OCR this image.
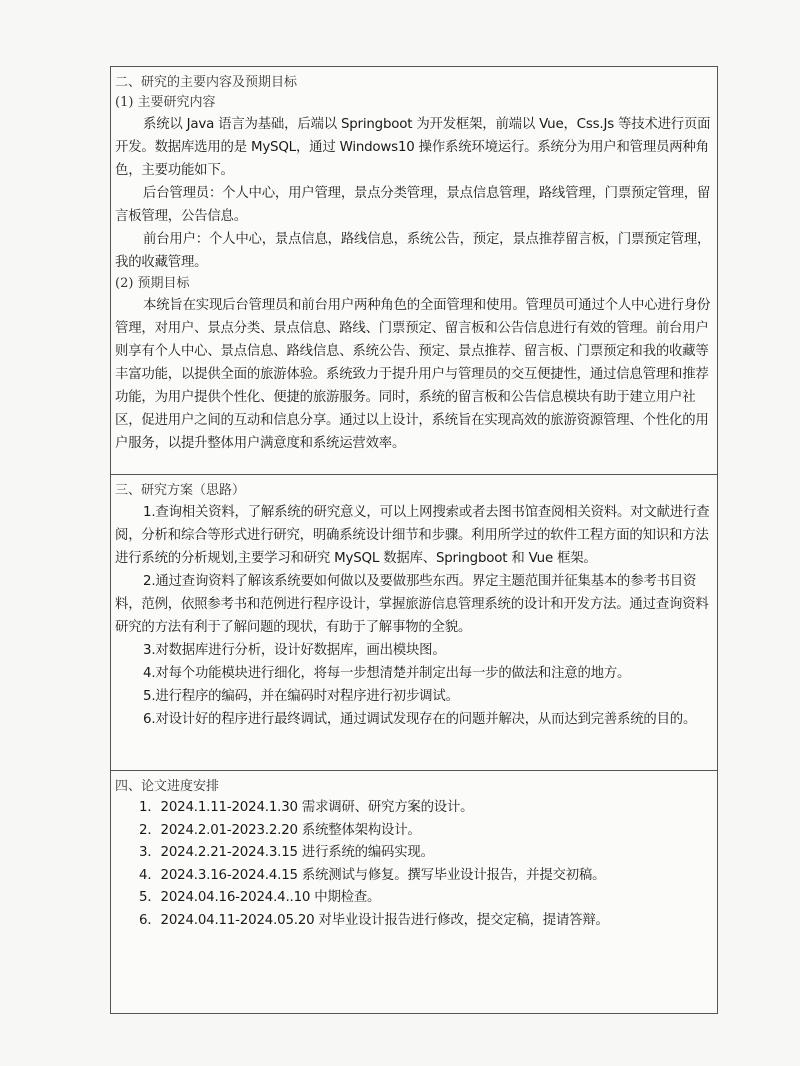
二、研究的主要内容及预期目标

(1) 主要研究内容

系统以 Java 语言为基础，后端以 Springboot 为开发框架，前端以 Vue，Css.Js 等技术进行页面开发。数据库选用的是 MySQL，通过 Windows10 操作系统环境运行。系统分为用户和管理员两种角色，主要功能如下。

后台管理员：个人中心，用户管理，景点分类管理，景点信息管理，路线管理，门票预定管理，留言板管理，公告信息。

前台用户：个人中心，景点信息，路线信息，系统公告，预定，景点推荐留言板，门票预定管理，我的收藏管理。

(2) 预期目标

本统旨在实现后台管理员和前台用户两种角色的全面管理和使用。管理员可通过个人中心进行身份管理，对用户、景点分类、景点信息、路线、门票预定、留言板和公告信息进行有效的管理。前台用户则享有个人中心、景点信息、路线信息、系统公告、预定、景点推荐、留言板、门票预定和我的收藏等丰富功能，以提供全面的旅游体验。系统致力于提升用户与管理员的交互便捷性，通过信息管理和推荐功能，为用户提供个性化、便捷的旅游服务。同时，系统的留言板和公告信息模块有助于建立用户社区，促进用户之间的互动和信息分享。通过以上设计，系统旨在实现高效的旅游资源管理、个性化的用户服务，以提升整体用户满意度和系统运营效率。

三、研究方案（思路）

1.查询相关资料，了解系统的研究意义，可以上网搜索或者去图书馆查阅相关资料。对文献进行查阅，分析和综合等形式进行研究，明确系统设计细节和步骤。利用所学过的软件工程方面的知识和方法进行系统的分析规划,主要学习和研究 MySQL 数据库、Springboot 和 Vue 框架。

2.通过查询资料了解该系统要如何做以及要做那些东西。界定主题范围并征集基本的参考书目资料，范例，依照参考书和范例进行程序设计，掌握旅游信息管理系统的设计和开发方法。通过查询资料研究的方法有利于了解问题的现状，有助于了解事物的全貌。

3.对数据库进行分析，设计好数据库，画出模块图。

4.对每个功能模块进行细化，将每一步想清楚并制定出每一步的做法和注意的地方。

5.进行程序的编码，并在编码时对程序进行初步调试。

6.对设计好的程序进行最终调试，通过调试发现存在的问题并解决，从而达到完善系统的目的。

四、论文进度安排

1．2024.1.11-2024.1.30 需求调研、研究方案的设计。
2．2024.2.01-2023.2.20 系统整体架构设计。
3．2024.2.21-2024.3.15 进行系统的编码实现。
4．2024.3.16-2024.4.15 系统测试与修复。撰写毕业设计报告，并提交初稿。
5．2024.04.16-2024.4..10 中期检查。
6．2024.04.11-2024.05.20 对毕业设计报告进行修改，提交定稿，提请答辩。
